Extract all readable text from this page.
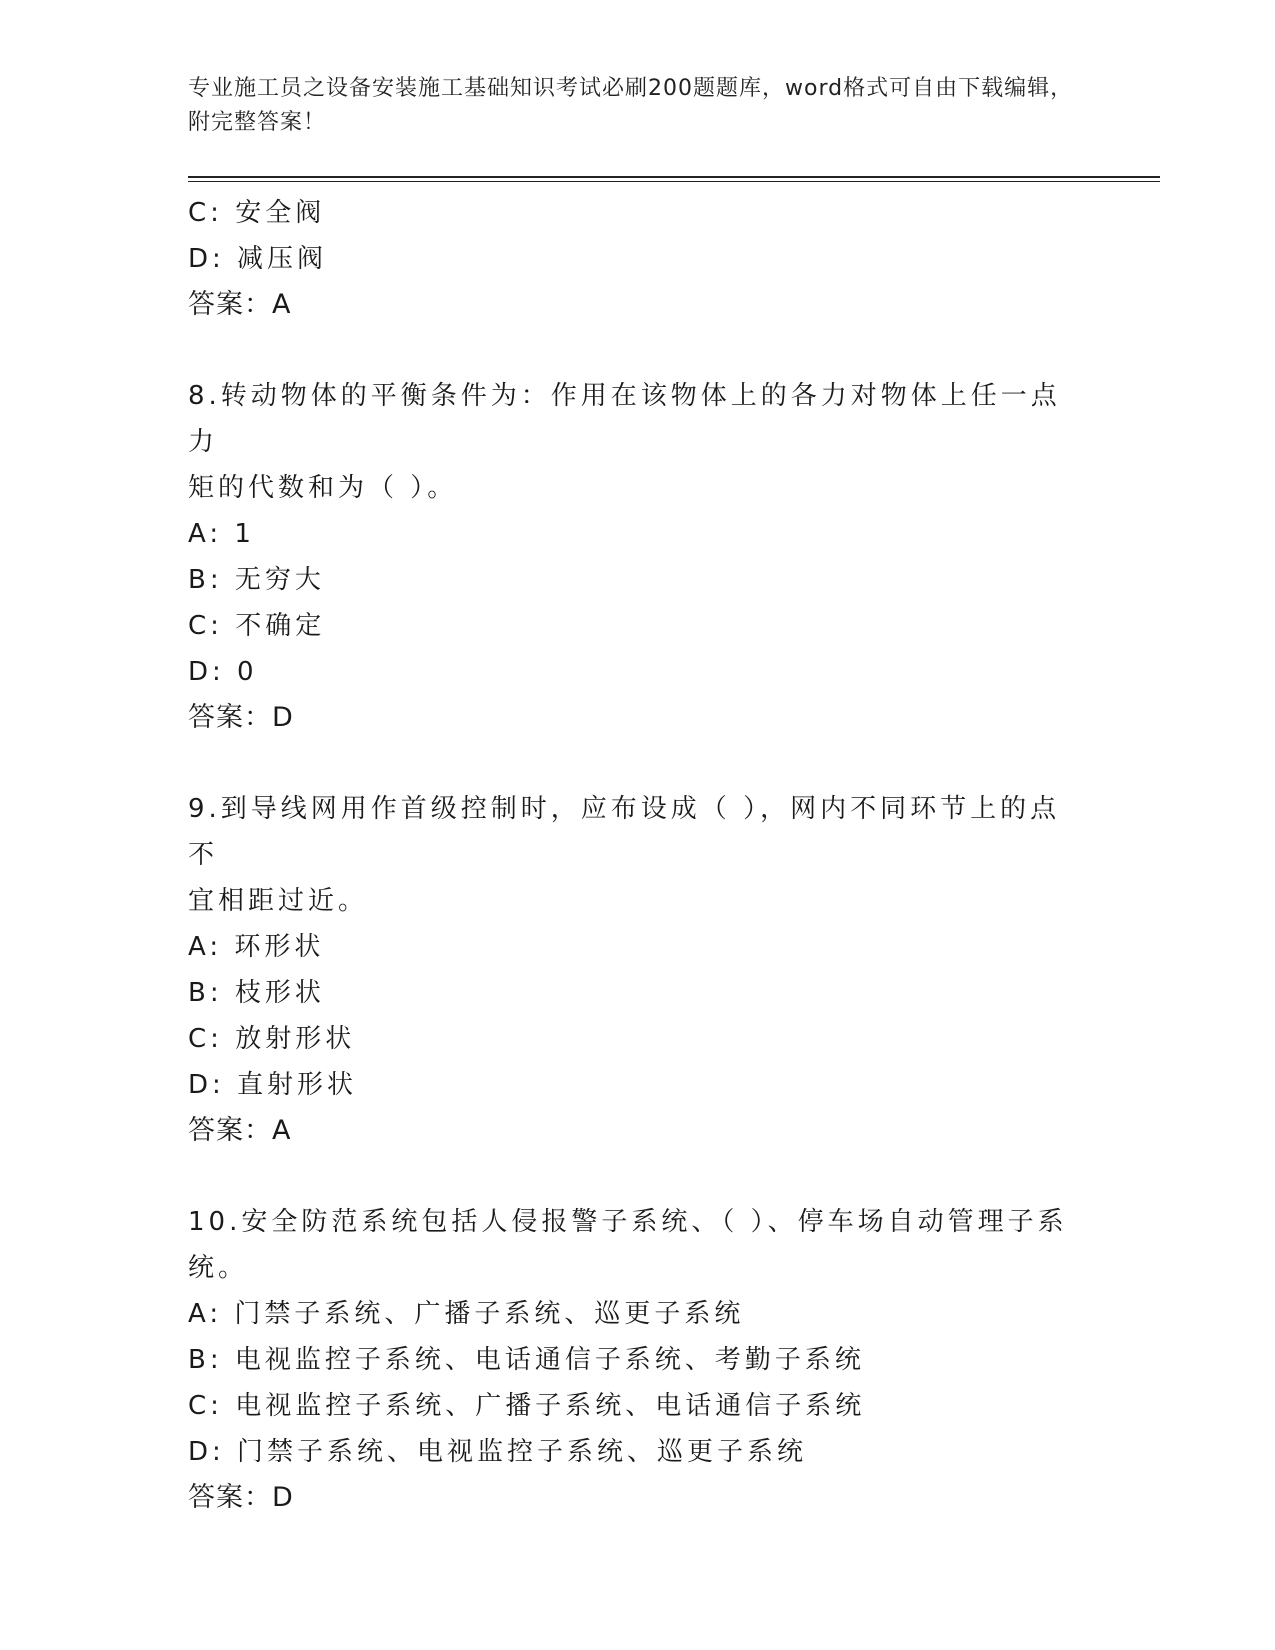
专业施工员之设备安装施工基础知识考试必刷200题题库，word格式可自由下载编辑，附完整答案！
C: 安全阀
D: 减压阀
答案：A
8.转动物体的平衡条件为：作用在该物体上的各力对物体上任一点力
矩的代数和为（ ）。
A: 1
B: 无穷大
C: 不确定
D: 0
答案：D
9.到导线网用作首级控制时，应布设成（ ），网内不同环节上的点不
宜相距过近。
A: 环形状
B: 枝形状
C: 放射形状
D: 直射形状
答案：A
10.安全防范系统包括人侵报警子系统、（ ）、停车场自动管理子系
统。
A: 门禁子系统、广播子系统、巡更子系统
B: 电视监控子系统、电话通信子系统、考勤子系统
C: 电视监控子系统、广播子系统、电话通信子系统
D: 门禁子系统、电视监控子系统、巡更子系统
答案：D
